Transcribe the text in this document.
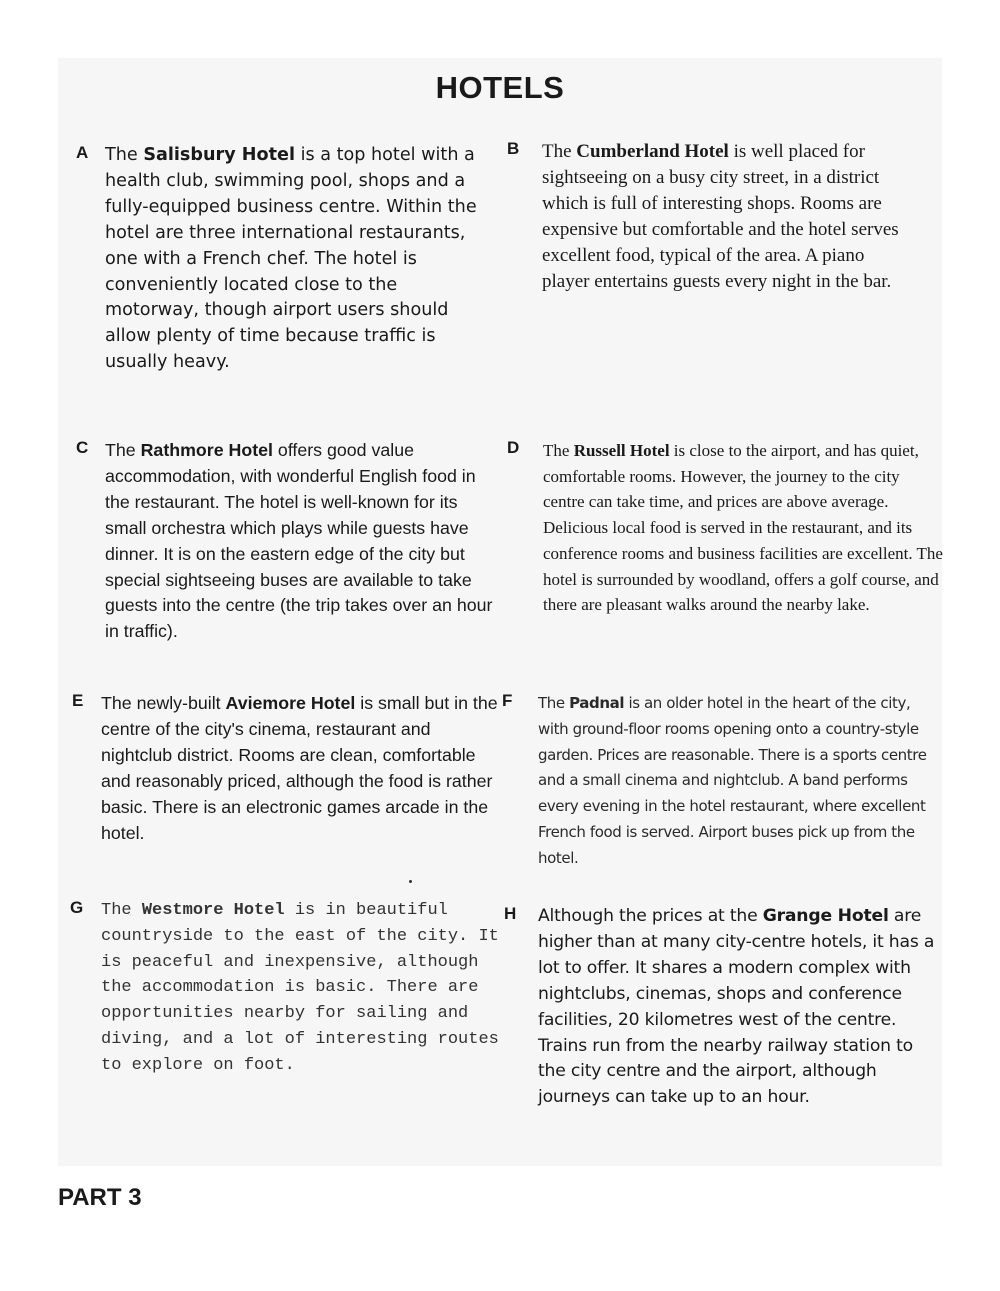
HOTELS
A The Salisbury Hotel is a top hotel with a health club, swimming pool, shops and a fully-equipped business centre. Within the hotel are three international restaurants, one with a French chef. The hotel is conveniently located close to the motorway, though airport users should allow plenty of time because traffic is usually heavy.

B The Cumberland Hotel is well placed for sightseeing on a busy city street, in a district which is full of interesting shops. Rooms are expensive but comfortable and the hotel serves excellent food, typical of the area. A piano player entertains guests every night in the bar.

C The Rathmore Hotel offers good value accommodation, with wonderful English food in the restaurant. The hotel is well-known for its small orchestra which plays while guests have dinner. It is on the eastern edge of the city but special sightseeing buses are available to take guests into the centre (the trip takes over an hour in traffic).

D The Russell Hotel is close to the airport, and has quiet, comfortable rooms. However, the journey to the city centre can take time, and prices are above average. Delicious local food is served in the restaurant, and its conference rooms and business facilities are excellent. The hotel is surrounded by woodland, offers a golf course, and there are pleasant walks around the nearby lake.

E The newly-built Aviemore Hotel is small but in the centre of the city's cinema, restaurant and nightclub district. Rooms are clean, comfortable and reasonably priced, although the food is rather basic. There is an electronic games arcade in the hotel.

F The Padnal is an older hotel in the heart of the city, with ground-floor rooms opening onto a country-style garden. Prices are reasonable. There is a sports centre and a small cinema and nightclub. A band performs every evening in the hotel restaurant, where excellent French food is served. Airport buses pick up from the hotel.

G The Westmore Hotel is in beautiful countryside to the east of the city. It is peaceful and inexpensive, although the accommodation is basic. There are opportunities nearby for sailing and diving, and a lot of interesting routes to explore on foot.

H Although the prices at the Grange Hotel are higher than at many city-centre hotels, it has a lot to offer. It shares a modern complex with nightclubs, cinemas, shops and conference facilities, 20 kilometres west of the centre. Trains run from the nearby railway station to the city centre and the airport, although journeys can take up to an hour.

PART 3
